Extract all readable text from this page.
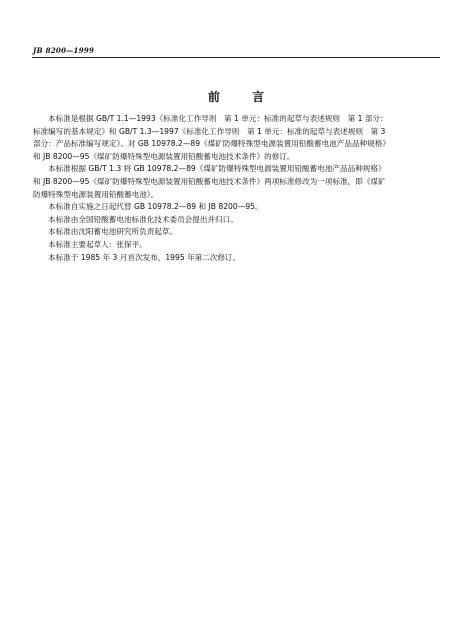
JB 8200—1999
前 言

本标准是根据 GB/T 1.1—1993《标准化工作导则　第 1 单元：标准的起草与表述规则　第 1 部分：
标准编写的基本规定》和 GB/T 1.3—1997《标准化工作导则　第 1 单元：标准的起草与表述规则　第 3
部分：产品标准编写规定》、对 GB 10978.2—89《煤矿防爆特殊型电源装置用铅酸蓄电池产品品种规格》
和 JB 8200—95《煤矿防爆特殊型电源装置用铅酸蓄电池技术条件》的修订。

本标准根据 GB/T 1.3 将 GB 10978.2—89《煤矿防爆特殊型电源装置用铅酸蓄电池产品品种规格》
和 JB 8200—95《煤矿防爆特殊型电源装置用铅酸蓄电池技术条件》两项标准修改为一项标准，即《煤矿
防爆特殊型电源装置用铅酸蓄电池》。

本标准自实施之日起代替 GB 10978.2—89 和 JB 8200—95。

本标准由全国铅酸蓄电池标准化技术委员会提出并归口。

本标准由沈阳蓄电池研究所负责起草。

本标准主要起草人：张保平。

本标准于 1985 年 3 月首次发布，1995 年第二次修订。
